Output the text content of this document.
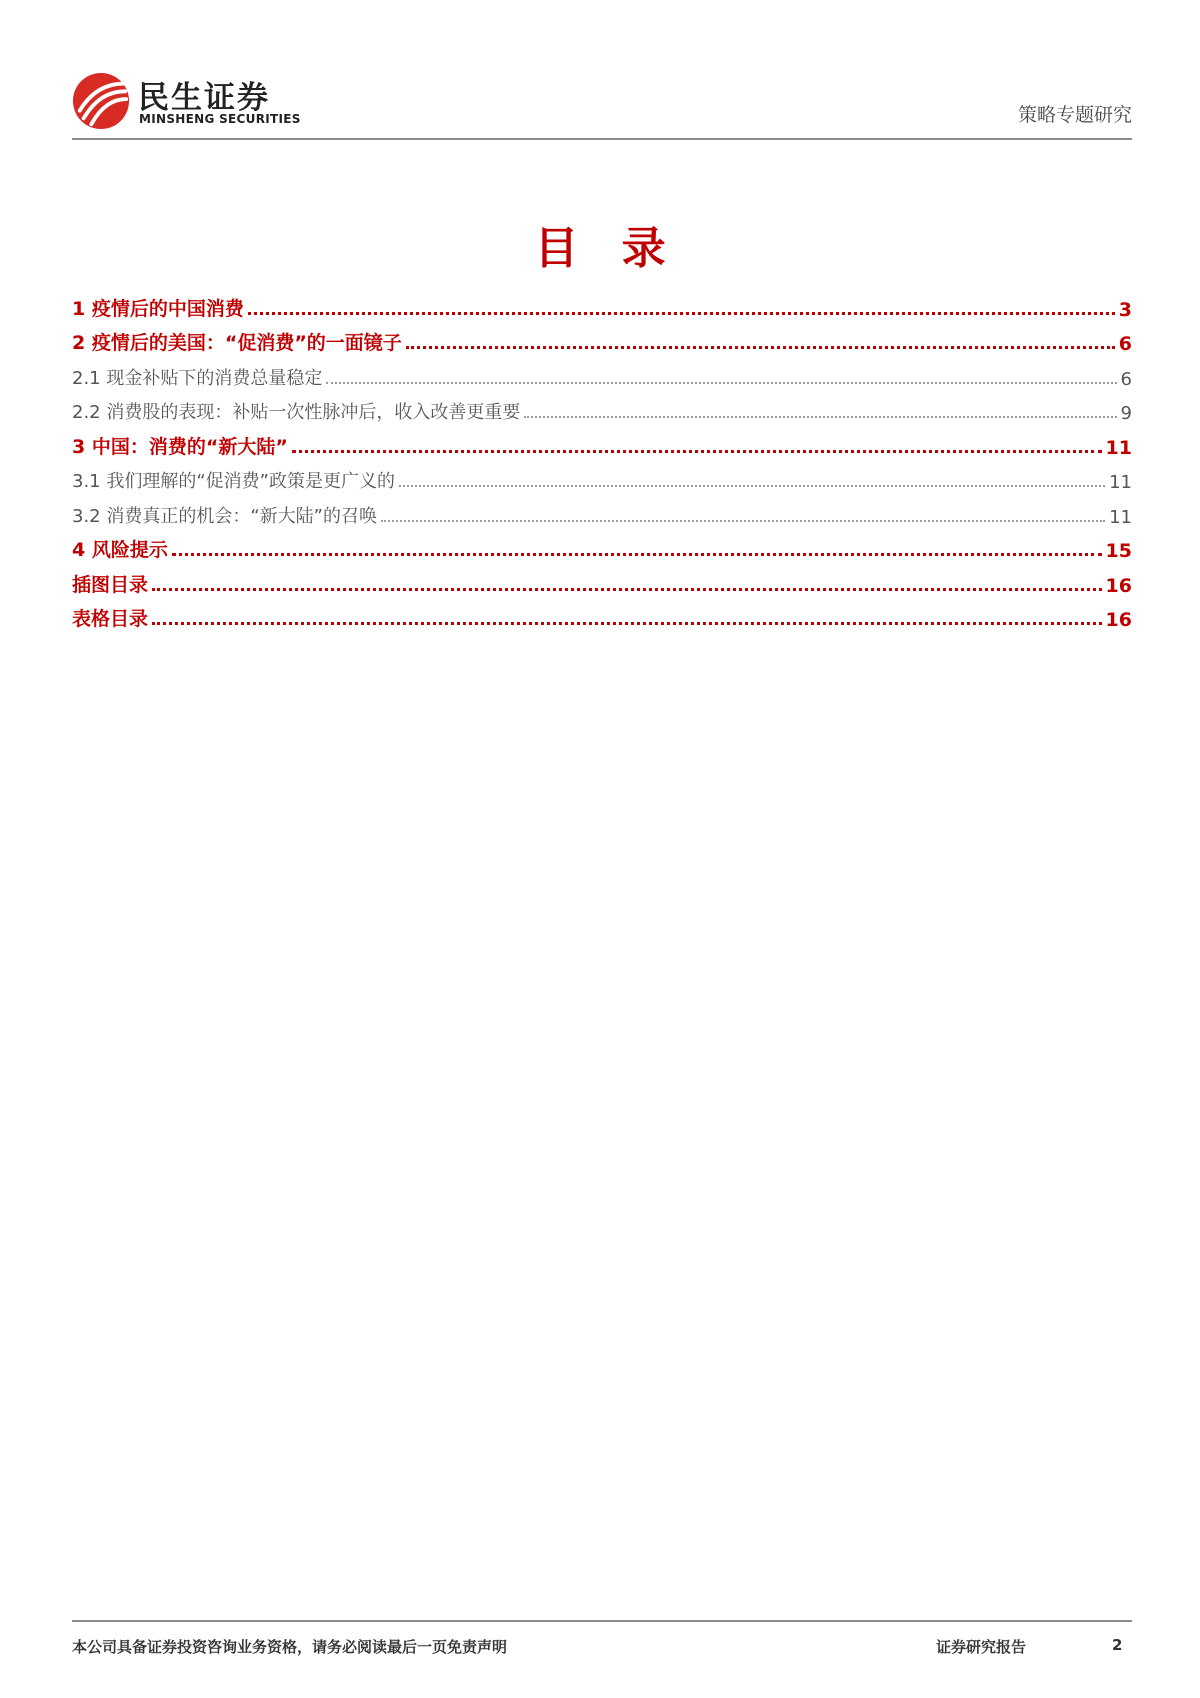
民生证券
MINSHENG SECURITIES	策略专题研究
目 录
1 疫情后的中国消费	3
2 疫情后的美国：“促消费”的一面镜子	6
2.1 现金补贴下的消费总量稳定	6
2.2 消费股的表现：补贴一次性脉冲后，收入改善更重要	9
3 中国：消费的“新大陆”	11
3.1 我们理解的“促消费”政策是更广义的	11
3.2 消费真正的机会：“新大陆”的召唤	11
4 风险提示	15
插图目录	16
表格目录	16
本公司具备证券投资咨询业务资格，请务必阅读最后一页免责声明	证券研究报告	2
